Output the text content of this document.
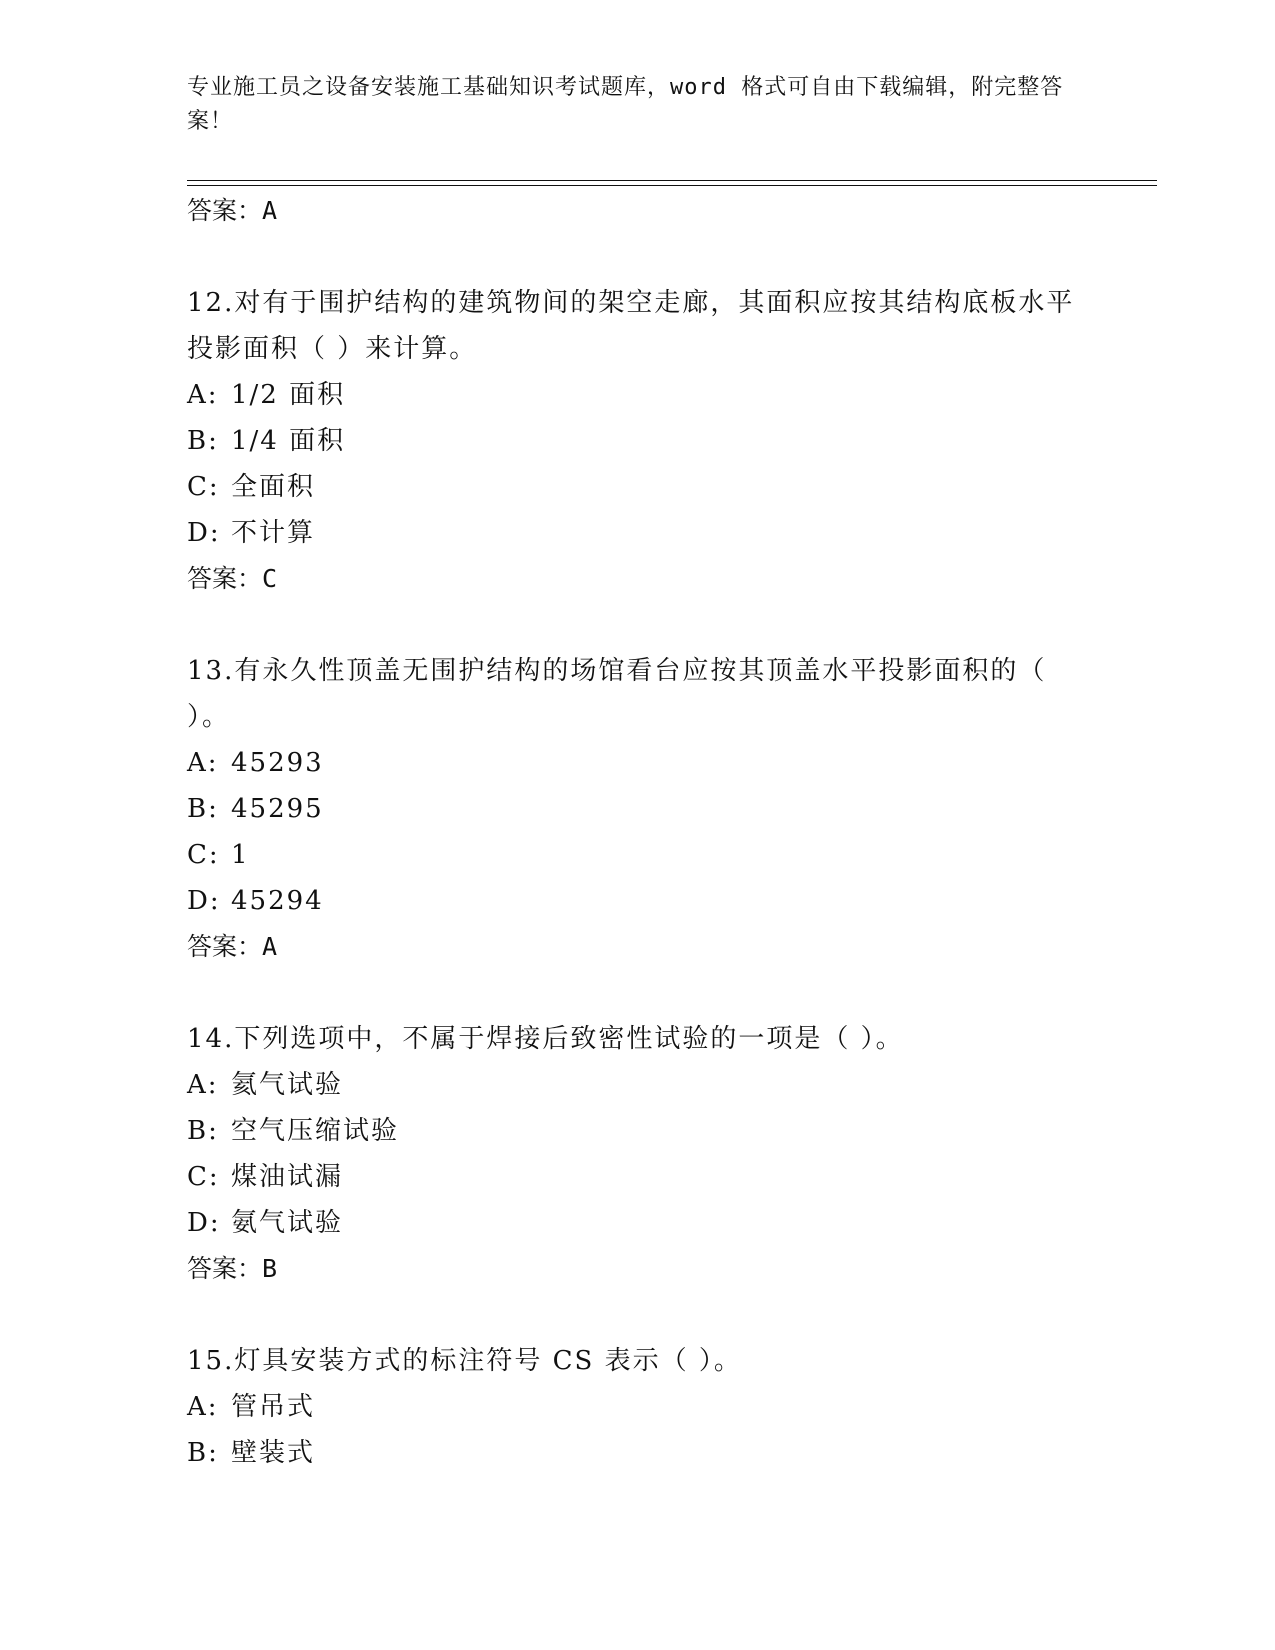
专业施工员之设备安装施工基础知识考试题库，word 格式可自由下载编辑，附完整答案！
答案：A
12.对有于围护结构的建筑物间的架空走廊，其面积应按其结构底板水平投影面积（ ）来计算。
A: 1/2 面积
B: 1/4 面积
C: 全面积
D: 不计算
答案：C
13.有永久性顶盖无围护结构的场馆看台应按其顶盖水平投影面积的（ ）。
A: 45293
B: 45295
C: 1
D: 45294
答案：A
14.下列选项中，不属于焊接后致密性试验的一项是（ ）。
A: 氦气试验
B: 空气压缩试验
C: 煤油试漏
D: 氨气试验
答案：B
15.灯具安装方式的标注符号 CS 表示（ ）。
A: 管吊式
B: 壁装式
